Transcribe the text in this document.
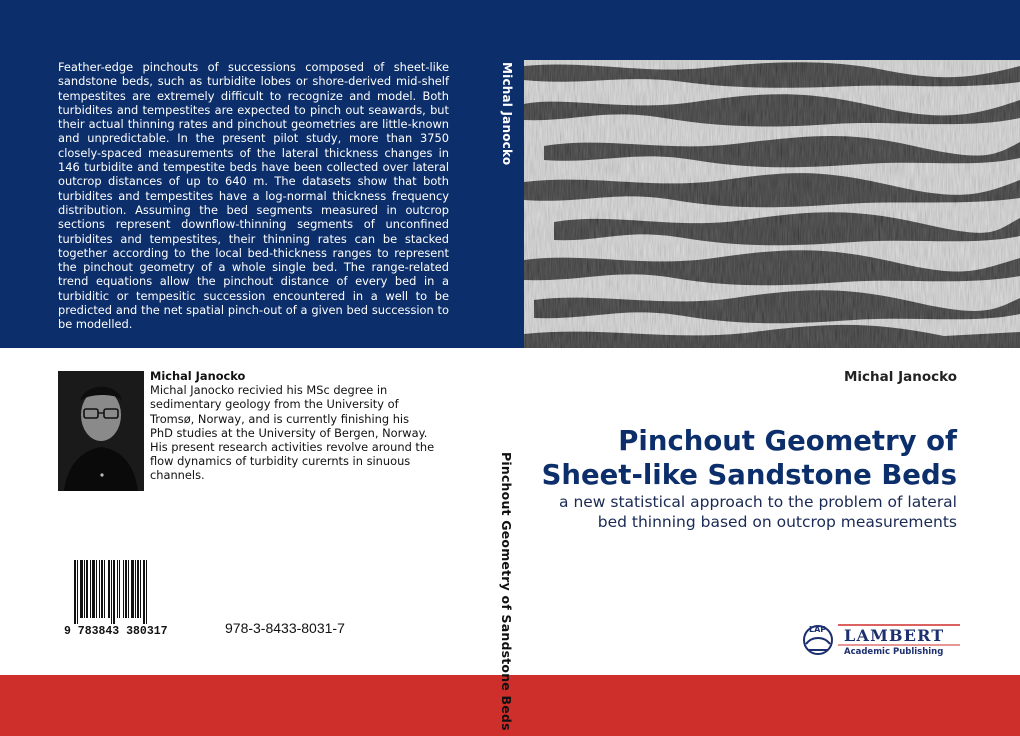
Feather-edge pinchouts of successions composed of sheet-like sandstone beds, such as turbidite lobes or shore-derived mid-shelf tempestites are extremely difficult to recognize and model. Both turbidites and tempestites are expected to pinch out seawards, but their actual thinning rates and pinchout geometries are little-known and unpredictable. In the present pilot study, more than 3750 closely-spaced measurements of the lateral thickness changes in 146 turbidite and tempestite beds have been collected over lateral outcrop distances of up to 640 m. The datasets show that both turbidites and tempestites have a log-normal thickness frequency distribution. Assuming the bed segments measured in outcrop sections represent downflow-thinning segments of unconfined turbidites and tempestites, their thinning rates can be stacked together according to the local bed-thickness ranges to represent the pinchout geometry of a whole single bed. The range-related trend equations allow the pinchout distance of every bed in a turbiditic or tempesitic succession encountered in a well to be predicted and the net spatial pinch-out of a given bed succession to be modelled.

Michal Janocko
Michal Janocko
Michal Janocko recivied his MSc degree in sedimentary geology from the University of Tromsø, Norway, and is currently finishing his PhD studies at the University of Bergen, Norway. His present research activities revolve around the flow dynamics of turbidity curernts in sinuous channels.
9 783843 380317	978-3-8433-8031-7	Pinchout Geometry of Sandstone Beds
Michal Janocko
Pinchout Geometry of Sheet-like Sandstone Beds

a new statistical approach to the problem of lateral bed thinning based on outcrop measurements

LAP LAMBERT
Academic Publishing
